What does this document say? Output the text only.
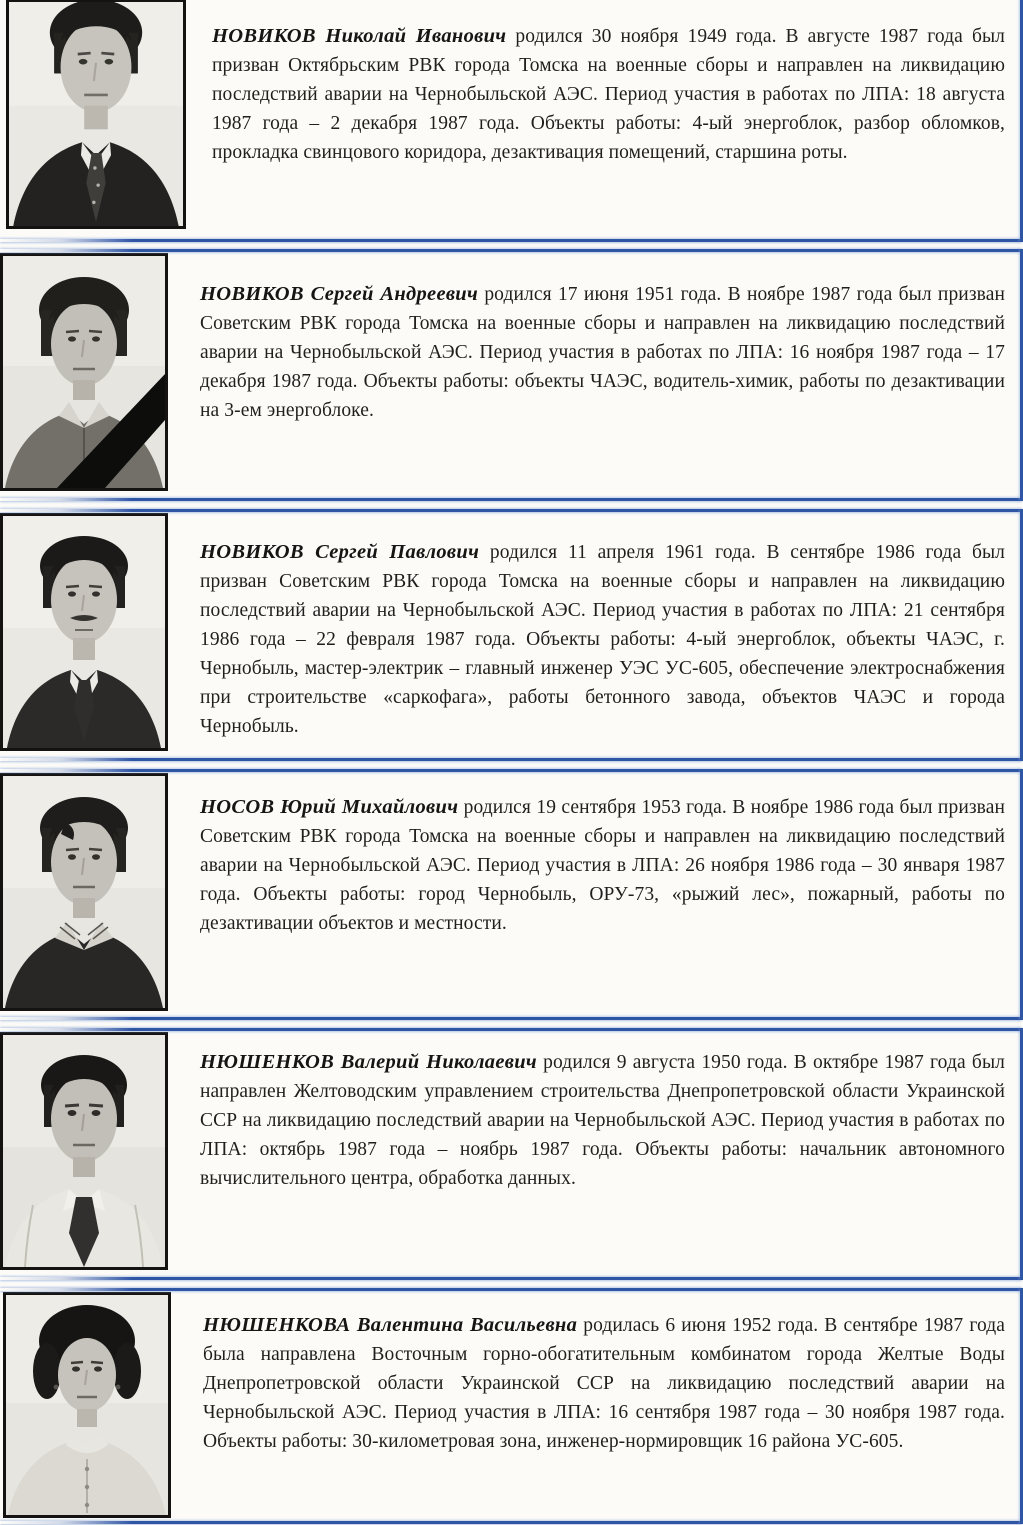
НОВИКОВ Николай Иванович родился 30 ноября 1949 года. В августе 1987 года был призван Октябрьским РВК города Томска на военные сборы и направлен на ликвидацию последствий аварии на Чернобыльской АЭС. Период участия в работах по ЛПА: 18 августа 1987 года – 2 декабря 1987 года. Объекты работы: 4-ый энергоблок, разбор обломков, прокладка свинцового коридора, дезактивация помещений, старшина роты.

НОВИКОВ Сергей Андреевич родился 17 июня 1951 года. В ноябре 1987 года был призван Советским РВК города Томска на военные сборы и направлен на ликвидацию последствий аварии на Чернобыльской АЭС. Период участия в работах по ЛПА: 16 ноября 1987 года – 17 декабря 1987 года. Объекты работы: объекты ЧАЭС, водитель-химик, работы по дезактивации на 3-ем энергоблоке.

НОВИКОВ Сергей Павлович родился 11 апреля 1961 года. В сентябре 1986 года был призван Советским РВК города Томска на военные сборы и направлен на ликвидацию последствий аварии на Чернобыльской АЭС. Период участия в работах по ЛПА: 21 сентября 1986 года – 22 февраля 1987 года. Объекты работы: 4-ый энергоблок, объекты ЧАЭС, г. Чернобыль, мастер-электрик – главный инженер УЭС УС-605, обеспечение электроснабжения при строительстве «саркофага», работы бетонного завода, объектов ЧАЭС и города Чернобыль.

НОСОВ Юрий Михайлович родился 19 сентября 1953 года. В ноябре 1986 года был призван Советским РВК города Томска на военные сборы и направлен на ликвидацию последствий аварии на Чернобыльской АЭС. Период участия в ЛПА: 26 ноября 1986 года – 30 января 1987 года. Объекты работы: город Чернобыль, ОРУ-73, «рыжий лес», пожарный, работы по дезактивации объектов и местности.

НЮШЕНКОВ Валерий Николаевич родился 9 августа 1950 года. В октябре 1987 года был направлен Желтоводским управлением строительства Днепропетровской области Украинской ССР на ликвидацию последствий аварии на Чернобыльской АЭС. Период участия в работах по ЛПА: октябрь 1987 года – ноябрь 1987 года. Объекты работы: начальник автономного вычислительного центра, обработка данных.

НЮШЕНКОВА Валентина Васильевна родилась 6 июня 1952 года. В сентябре 1987 года была направлена Восточным горно-обогатительным комбинатом города Желтые Воды Днепропетровской области Украинской ССР на ликвидацию последствий аварии на Чернобыльской АЭС. Период участия в ЛПА: 16 сентября 1987 года – 30 ноября 1987 года. Объекты работы: 30-километровая зона, инженер-нормировщик 16 района УС-605.
